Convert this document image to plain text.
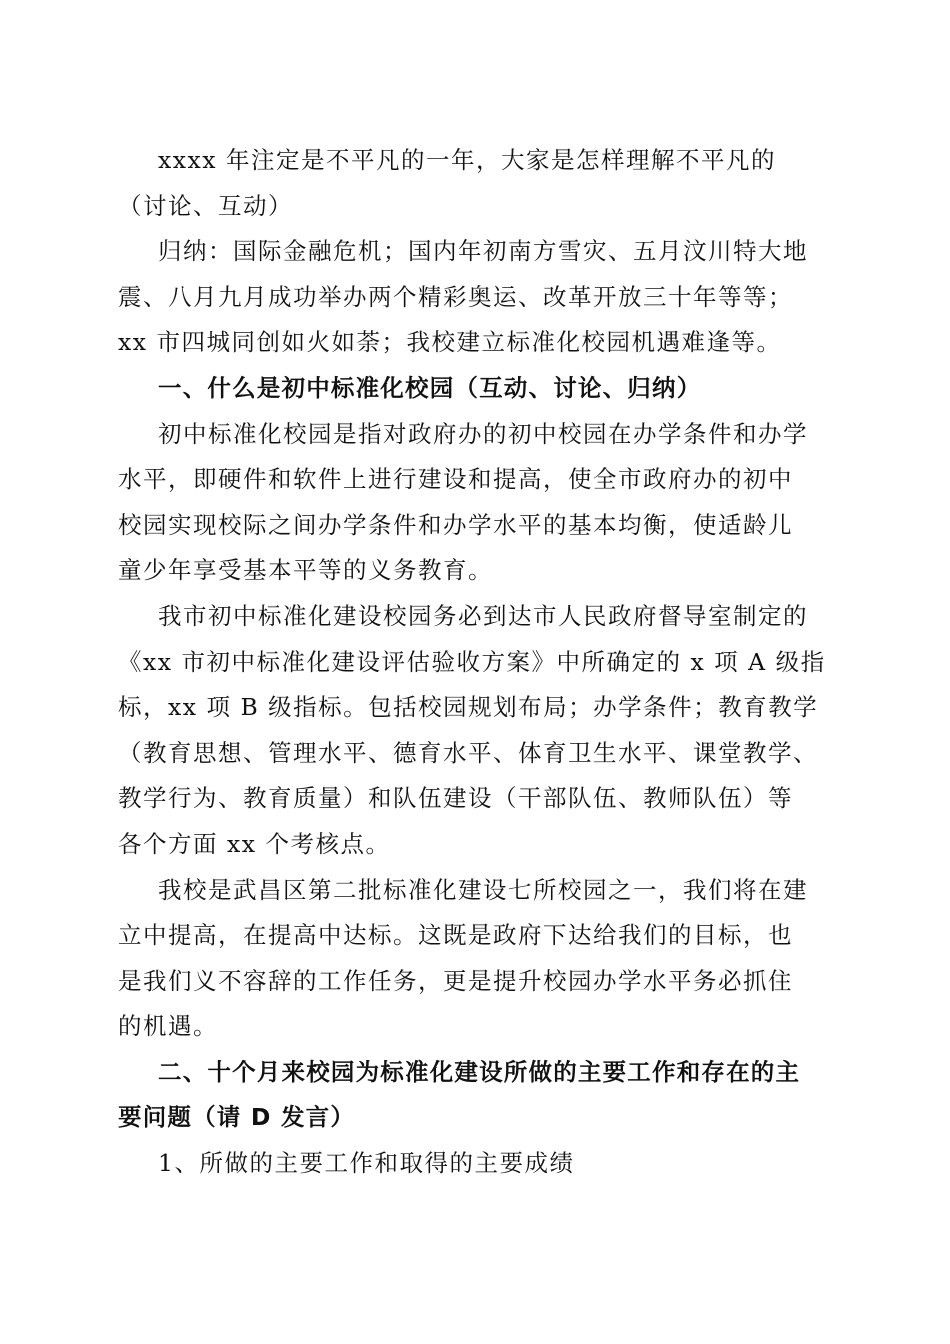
xxxx 年注定是不平凡的一年，大家是怎样理解不平凡的
（讨论、互动）
归纳：国际金融危机；国内年初南方雪灾、五月汶川特大地
震、八月九月成功举办两个精彩奥运、改革开放三十年等等；
xx 市四城同创如火如荼；我校建立标准化校园机遇难逢等。
一、什么是初中标准化校园（互动、讨论、归纳）
初中标准化校园是指对政府办的初中校园在办学条件和办学
水平，即硬件和软件上进行建设和提高，使全市政府办的初中
校园实现校际之间办学条件和办学水平的基本均衡，使适龄儿
童少年享受基本平等的义务教育。
我市初中标准化建设校园务必到达市人民政府督导室制定的
《xx 市初中标准化建设评估验收方案》中所确定的 x 项 A 级指
标，xx 项 B 级指标。包括校园规划布局；办学条件；教育教学
（教育思想、管理水平、德育水平、体育卫生水平、课堂教学、
教学行为、教育质量）和队伍建设（干部队伍、教师队伍）等
各个方面 xx 个考核点。
我校是武昌区第二批标准化建设七所校园之一，我们将在建
立中提高，在提高中达标。这既是政府下达给我们的目标，也
是我们义不容辞的工作任务，更是提升校园办学水平务必抓住
的机遇。
二、十个月来校园为标准化建设所做的主要工作和存在的主
要问题（请 D 发言）
1、所做的主要工作和取得的主要成绩
